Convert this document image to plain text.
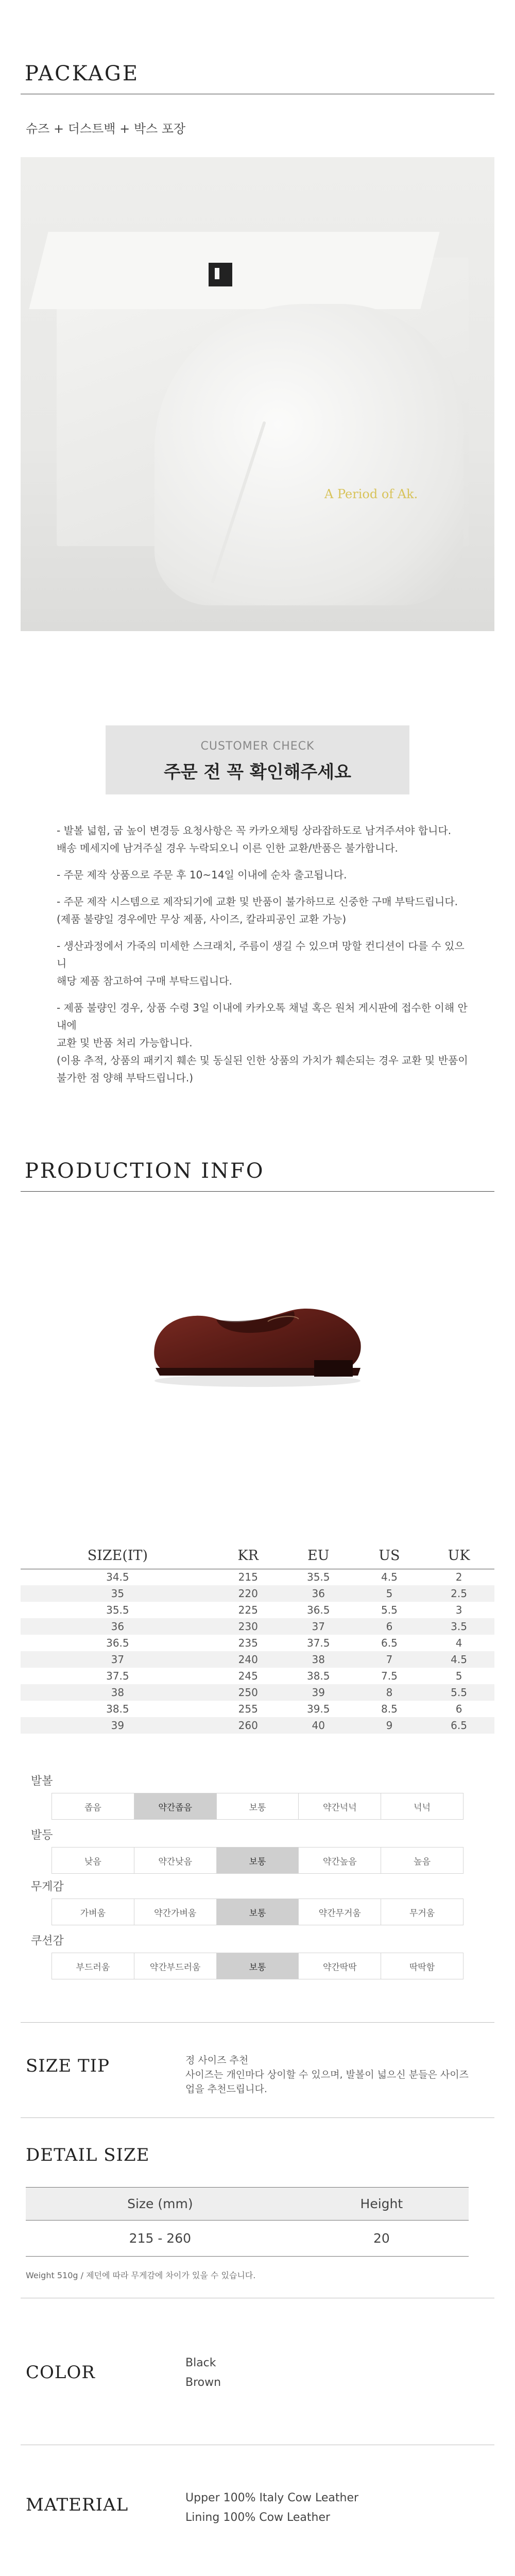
PACKAGE
슈즈 + 더스트백 + 박스 포장
A Period of Ak.
CUSTOMER CHECK
주문 전 꼭 확인해주세요
- 발볼 넓힘, 굽 높이 변경등 요청사항은 꼭 카카오채팅 상라잡하도로 남겨주셔야 합니다.
배송 메세지에 남겨주실 경우 누락되오니 이른 인한 교환/반품은 불가합니다.
- 주문 제작 상품으로 주문 후 10~14일 이내에 순차 출고됩니다.
- 주문 제작 시스템으로 제작되기에 교환 및 반품이 불가하므로 신중한 구매 부탁드립니다.
(제품 불량일 경우에만 무상 제품, 사이즈, 칼라피공인 교환 가능)
- 생산과정에서 가죽의 미세한 스크래치, 주름이 생길 수 있으며 망할 컨디션이 다를 수 있으니
해당 제품 참고하여 구매 부탁드립니다.
- 제품 불량인 경우, 상품 수령 3일 이내에 카카오톡 채널 혹은 원처 게시판에 접수한 이해 안내에
교환 및 반품 처리 가능합니다.
(이용 추적, 상품의 패키지 훼손 및 동실된 인한 상품의 가치가 훼손되는 경우 교환 및 반품이
불가한 점 양해 부탁드립니다.)
PRODUCTION INFO
SIZE(IT)	KR	EU	US	UK
34.5	215	35.5	4.5	2
35	220	36	5	2.5
35.5	225	36.5	5.5	3
36	230	37	6	3.5
36.5	235	37.5	6.5	4
37	240	38	7	4.5
37.5	245	38.5	7.5	5
38	250	39	8	5.5
38.5	255	39.5	8.5	6
39	260	40	9	6.5
발볼
좁음	약간좁음	보통	약간넉넉	넉넉
발등
낮음	약간낮음	보통	약간높음	높음
무게감
가벼움	약간가벼움	보통	약간무거움	무거움
쿠션감
부드러움	약간부드러움	보통	약간딱딱	딱딱함
SIZE TIP	정 사이즈 추천
사이즈는 개인마다 상이할 수 있으며, 발볼이 넓으신 분들은 사이즈 업을 추천드립니다.
DETAIL SIZE
Size (mm)	Height
215 - 260	20
Weight 510g / 제던에 따라 무게감에 차이가 있을 수 있습니다.
COLOR	Black
Brown
MATERIAL	Upper 100% Italy Cow Leather
Lining 100% Cow Leather
